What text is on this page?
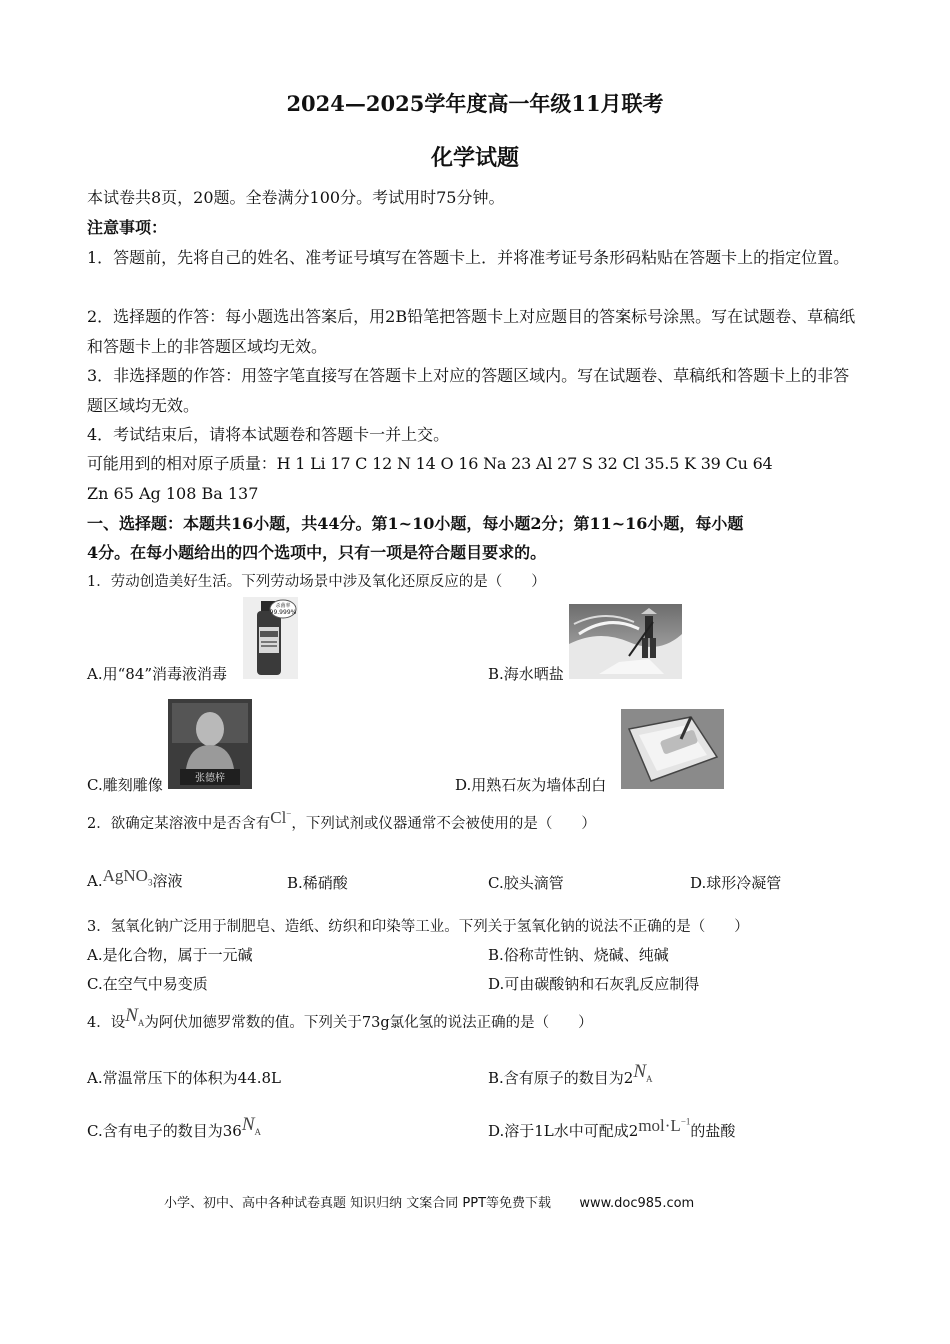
2024—2025学年度高一年级11月联考
化学试题
本试卷共8页，20题。全卷满分100分。考试用时75分钟。
注意事项：
1．答题前，先将自己的姓名、准考证号填写在答题卡上．并将准考证号条形码粘贴在答题卡上的指定位置。
2．选择题的作答：每小题选出答案后，用2B铅笔把答题卡上对应题目的答案标号涂黑。写在试题卷、草稿纸和答题卡上的非答题区域均无效。
3．非选择题的作答：用签字笔直接写在答题卡上对应的答题区域内。写在试题卷、草稿纸和答题卡上的非答题区域均无效。
4．考试结束后，请将本试题卷和答题卡一并上交。
可能用到的相对原子质量：H 1 Li 17 C 12 N 14 O 16 Na 23 Al 27 S 32 Cl 35.5 K 39 Cu 64
Zn 65 Ag 108 Ba 137
一、选择题：本题共16小题，共44分。第1~10小题，每小题2分；第11~16小题，每小题
4分。在每小题给出的四个选项中，只有一项是符合题目要求的。
1．劳动创造美好生活。下列劳动场景中涉及氧化还原反应的是（　　）
A.用“84”消毒液消毒
杀菌率
99.999%
B.海水晒盐
C.雕刻雕像	张德梓	D.用熟石灰为墙体刮白
2．欲确定某溶液中是否含有Cl−，下列试剂或仪器通常不会被使用的是（　　）
A.AgNO$_3$溶液	B.稀硝酸	C.胶头滴管	D.球形冷凝管
3．氢氧化钠广泛用于制肥皂、造纸、纺织和印染等工业。下列关于氢氧化钠的说法不正确的是（　　）
A.是化合物，属于一元碱	B.俗称苛性钠、烧碱、纯碱
C.在空气中易变质	D.可由碳酸钠和石灰乳反应制得
4．设$N_A$为阿伏加德罗常数的值。下列关于73g氯化氢的说法正确的是（　　）
A.常温常压下的体积为44.8L	B.含有原子的数目为$2N_A$
C.含有电子的数目为$36N_A$	D.溶于1L水中可配成$2mol\cdot L^{-1}$的盐酸
小学、初中、高中各种试卷真题 知识归纳 文案合同 PPT等免费下载 www.doc985.com
